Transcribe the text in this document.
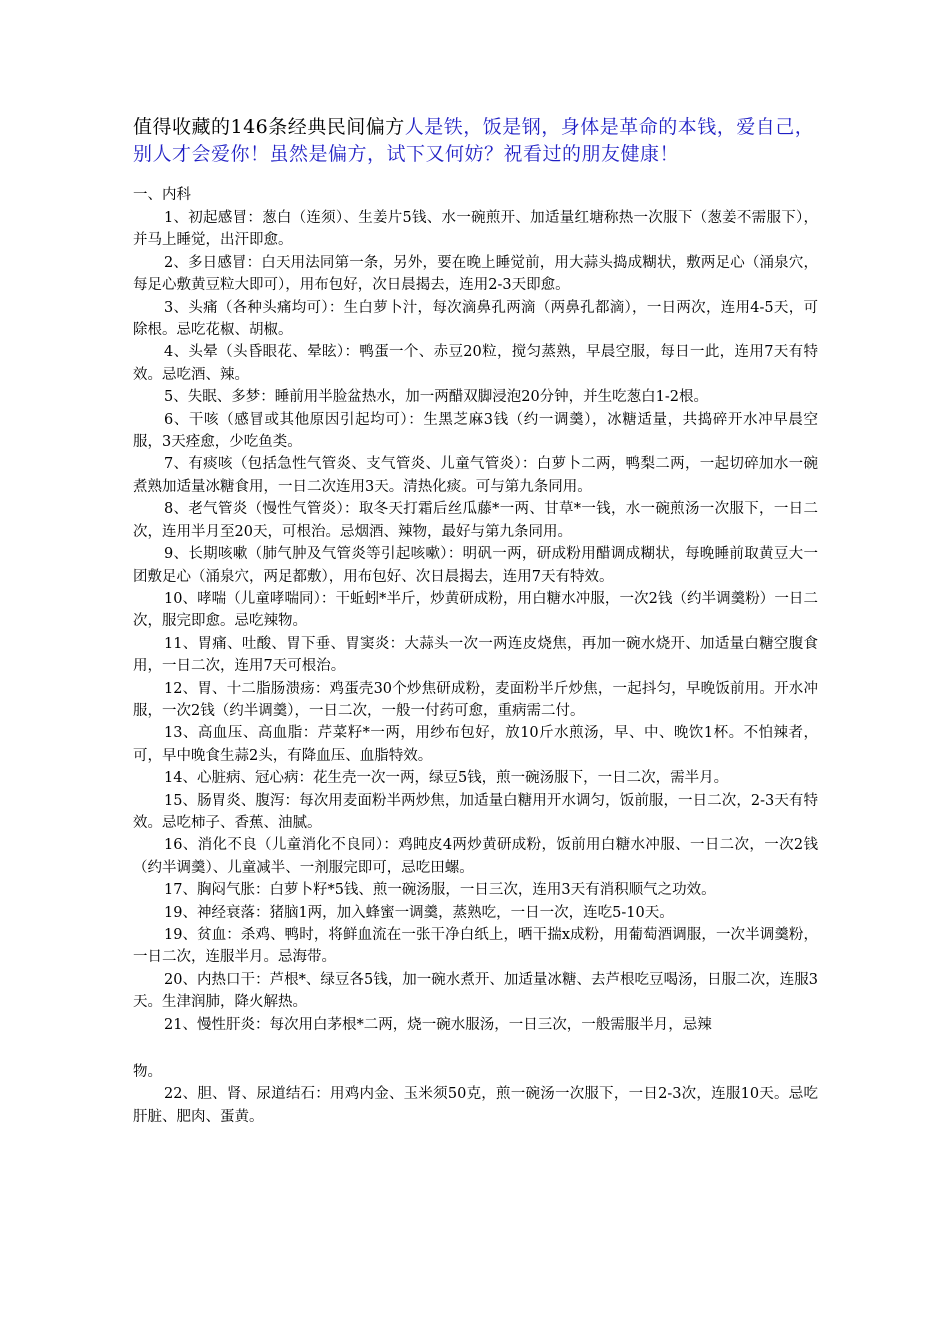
值得收藏的146条经典民间偏方人是铁，饭是钢，身体是革命的本钱，爱自己，
别人才会爱你！虽然是偏方，试下又何妨？祝看过的朋友健康！
一、内科

1、初起感冒：葱白（连须）、生姜片5钱、水一碗煎开、加适量红塘称热一次服下（葱姜不需服下），并马上睡觉，出汗即愈。

2、多日感冒：白天用法同第一条，另外，要在晚上睡觉前，用大蒜头捣成糊状，敷两足心（涌泉穴，每足心敷黄豆粒大即可），用布包好，次日晨揭去，连用2-3天即愈。

3、头痛（各种头痛均可）：生白萝卜汁，每次滴鼻孔两滴（两鼻孔都滴），一日两次，连用4-5天，可除根。忌吃花椒、胡椒。

4、头晕（头昏眼花、晕眩）：鸭蛋一个、赤豆20粒，搅匀蒸熟，早晨空服，每日一此，连用7天有特效。忌吃酒、辣。

5、失眠、多梦：睡前用半脸盆热水，加一两醋双脚浸泡20分钟，并生吃葱白1-2根。

6、干咳（感冒或其他原因引起均可）：生黑芝麻3钱（约一调羹），冰糖适量，共捣碎开水冲早晨空服，3天痊愈，少吃鱼类。

7、有痰咳（包括急性气管炎、支气管炎、儿童气管炎）：白萝卜二两，鸭梨二两，一起切碎加水一碗煮熟加适量冰糖食用，一日二次连用3天。清热化痰。可与第九条同用。

8、老气管炎（慢性气管炎）：取冬天打霜后丝瓜藤*一两、甘草*一钱，水一碗煎汤一次服下，一日二次，连用半月至20天，可根治。忌烟酒、辣物，最好与第九条同用。

9、长期咳嗽（肺气肿及气管炎等引起咳嗽）：明矾一两，研成粉用醋调成糊状，每晚睡前取黄豆大一团敷足心（涌泉穴，两足都敷），用布包好、次日晨揭去，连用7天有特效。

10、哮喘（儿童哮喘同）：干蚯蚓*半斤，炒黄研成粉，用白糖水冲服，一次2钱（约半调羹粉）一日二次，服完即愈。忌吃辣物。

11、胃痛、吐酸、胃下垂、胃窦炎：大蒜头一次一两连皮烧焦，再加一碗水烧开、加适量白糖空腹食用，一日二次，连用7天可根治。

12、胃、十二脂肠溃疡：鸡蛋壳30个炒焦研成粉，麦面粉半斤炒焦，一起抖匀，早晚饭前用。开水冲服，一次2钱（约半调羹），一日二次，一般一付药可愈，重病需二付。

13、高血压、高血脂：芹菜籽*一两，用纱布包好，放10斤水煎汤，早、中、晚饮1杯。不怕辣者，可，早中晚食生蒜2头，有降血压、血脂特效。

14、心脏病、冠心病：花生壳一次一两，绿豆5钱，煎一碗汤服下，一日二次，需半月。

15、肠胃炎、腹泻：每次用麦面粉半两炒焦，加适量白糖用开水调匀，饭前服，一日二次，2-3天有特效。忌吃柿子、香蕉、油腻。

16、消化不良（儿童消化不良同）：鸡盹皮4两炒黄研成粉，饭前用白糖水冲服、一日二次，一次2钱（约半调羹）、儿童减半、一剂服完即可，忌吃田螺。

17、胸闷气胀：白萝卜籽*5钱、煎一碗汤服，一日三次，连用3天有消积顺气之功效。

19、神经衰落：猪脑1两，加入蜂蜜一调羹，蒸熟吃，一日一次，连吃5-10天。

19、贫血：杀鸡、鸭时，将鲜血流在一张干净白纸上，晒干揣x成粉，用葡萄酒调服，一次半调羹粉，一日二次，连服半月。忌海带。

20、内热口干：芦根*、绿豆各5钱，加一碗水煮开、加适量冰糖、去芦根吃豆喝汤，日服二次，连服3天。生津润肺，降火解热。

21、慢性肝炎：每次用白茅根*二两，烧一碗水服汤，一日三次，一般需服半月，忌辣

物。

22、胆、肾、尿道结石：用鸡内金、玉米须50克，煎一碗汤一次服下，一日2-3次，连服10天。忌吃肝脏、肥肉、蛋黄。
